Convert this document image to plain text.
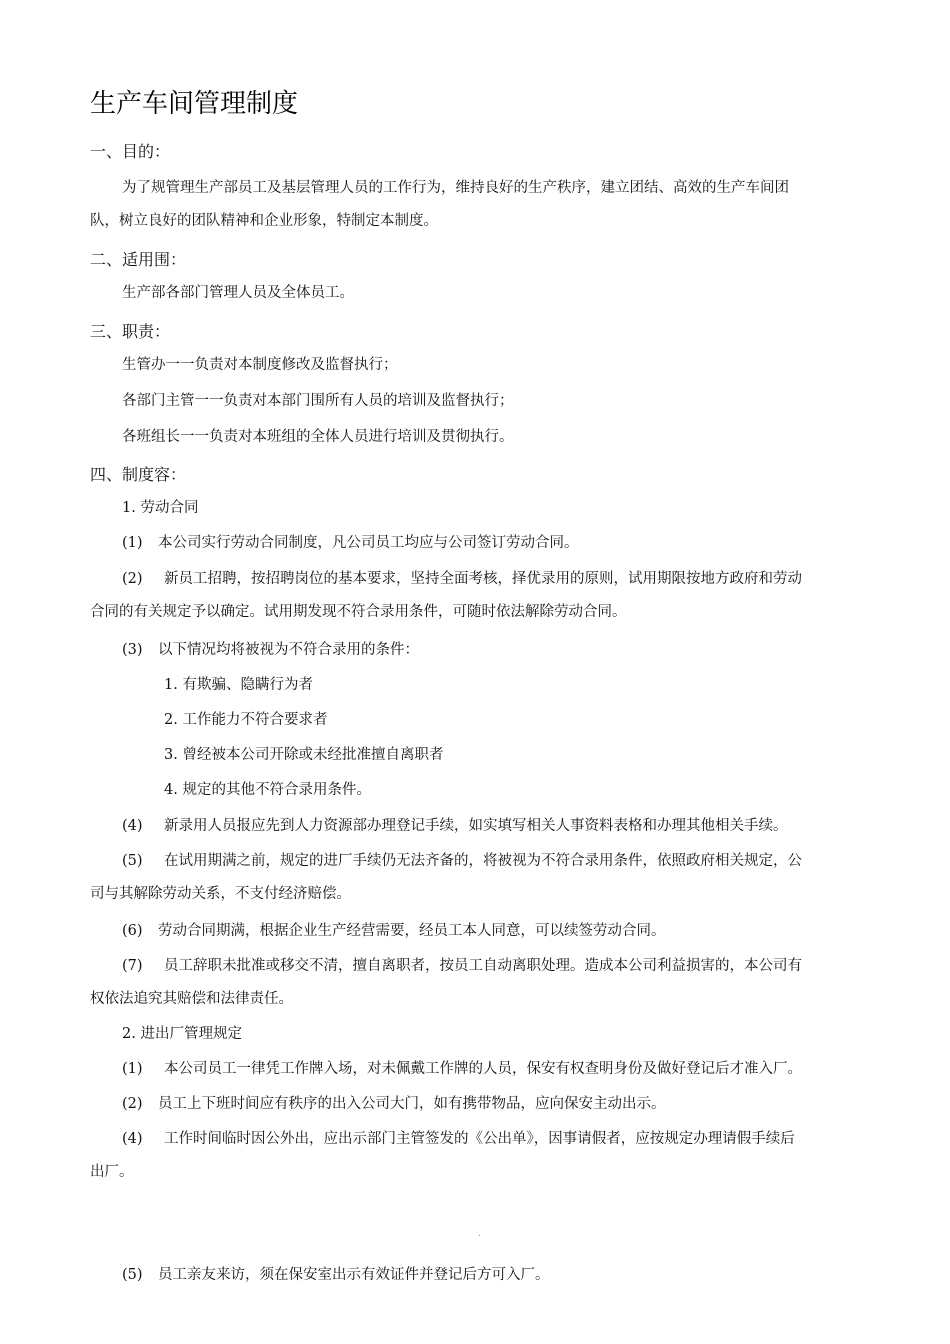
生产车间管理制度
一、目的：
为了规管理生产部员工及基层管理人员的工作行为，维持良好的生产秩序，建立团结、高效的生产车间团
队，树立良好的团队精神和企业形象，特制定本制度。
二、适用围：
生产部各部门管理人员及全体员工。
三、职责：
生管办一一负责对本制度修改及监督执行；
各部门主管一一负责对本部门围所有人员的培训及监督执行；
各班组长一一负责对本班组的全体人员进行培训及贯彻执行。
四、制度容：
1. 劳动合同
(1) 本公司实行劳动合同制度，凡公司员工均应与公司签订劳动合同。
(2) 新员工招聘，按招聘岗位的基本要求，坚持全面考核，择优录用的原则，试用期限按地方政府和劳动
合同的有关规定予以确定。试用期发现不符合录用条件，可随时依法解除劳动合同。
(3) 以下情况均将被视为不符合录用的条件：
1. 有欺骗、隐瞒行为者
2. 工作能力不符合要求者
3. 曾经被本公司开除或未经批准擅自离职者
4. 规定的其他不符合录用条件。
(4) 新录用人员报应先到人力资源部办理登记手续，如实填写相关人事资料表格和办理其他相关手续。
(5) 在试用期满之前，规定的进厂手续仍无法齐备的，将被视为不符合录用条件，依照政府相关规定，公
司与其解除劳动关系，不支付经济赔偿。
(6) 劳动合同期满，根据企业生产经营需要，经员工本人同意，可以续签劳动合同。
(7) 员工辞职未批准或移交不清，擅自离职者，按员工自动离职处理。造成本公司利益损害的，本公司有
权依法追究其赔偿和法律责任。
2. 进出厂管理规定
(1) 本公司员工一律凭工作牌入场，对未佩戴工作牌的人员，保安有权查明身份及做好登记后才准入厂。
(2) 员工上下班时间应有秩序的出入公司大门，如有携带物品，应向保安主动出示。
(4) 工作时间临时因公外出，应出示部门主管签发的《公出单》，因事请假者，应按规定办理请假手续后
出厂。
.
(5) 员工亲友来访，须在保安室出示有效证件并登记后方可入厂。
